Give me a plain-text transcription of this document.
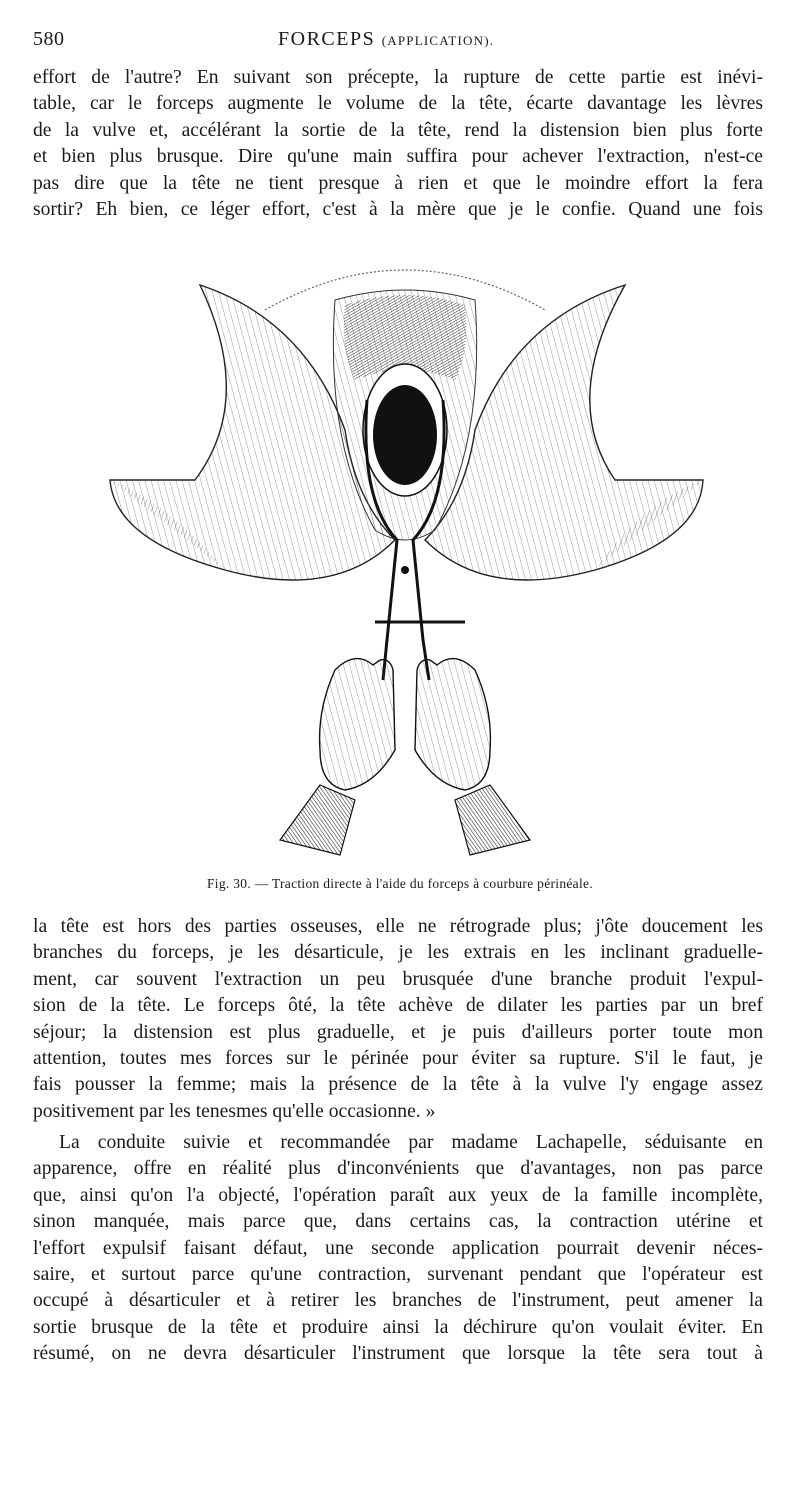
580	FORCEPS (APPLICATION).
effort de l'autre? En suivant son précepte, la rupture de cette partie est inévi-
table, car le forceps augmente le volume de la tête, écarte davantage les lèvres
de la vulve et, accélérant la sortie de la tête, rend la distension bien plus forte
et bien plus brusque. Dire qu'une main suffira pour achever l'extraction, n'est-ce
pas dire que la tête ne tient presque à rien et que le moindre effort la fera
sortir? Eh bien, ce léger effort, c'est à la mère que je le confie. Quand une fois
Fig. 30. — Traction directe à l'aide du forceps à courbure périnéale.
la tête est hors des parties osseuses, elle ne rétrograde plus; j'ôte doucement les
branches du forceps, je les désarticule, je les extrais en les inclinant graduelle-
ment, car souvent l'extraction un peu brusquée d'une branche produit l'expul-
sion de la tête. Le forceps ôté, la tête achève de dilater les parties par un bref
séjour; la distension est plus graduelle, et je puis d'ailleurs porter toute mon
attention, toutes mes forces sur le périnée pour éviter sa rupture. S'il le faut, je
fais pousser la femme; mais la présence de la tête à la vulve l'y engage assez
positivement par les tenesmes qu'elle occasionne. »
La conduite suivie et recommandée par madame Lachapelle, séduisante en
apparence, offre en réalité plus d'inconvénients que d'avantages, non pas parce
que, ainsi qu'on l'a objecté, l'opération paraît aux yeux de la famille incomplète,
sinon manquée, mais parce que, dans certains cas, la contraction utérine et
l'effort expulsif faisant défaut, une seconde application pourrait devenir néces-
saire, et surtout parce qu'une contraction, survenant pendant que l'opérateur est
occupé à désarticuler et à retirer les branches de l'instrument, peut amener la
sortie brusque de la tête et produire ainsi la déchirure qu'on voulait éviter. En
résumé, on ne devra désarticuler l'instrument que lorsque la tête sera tout à
